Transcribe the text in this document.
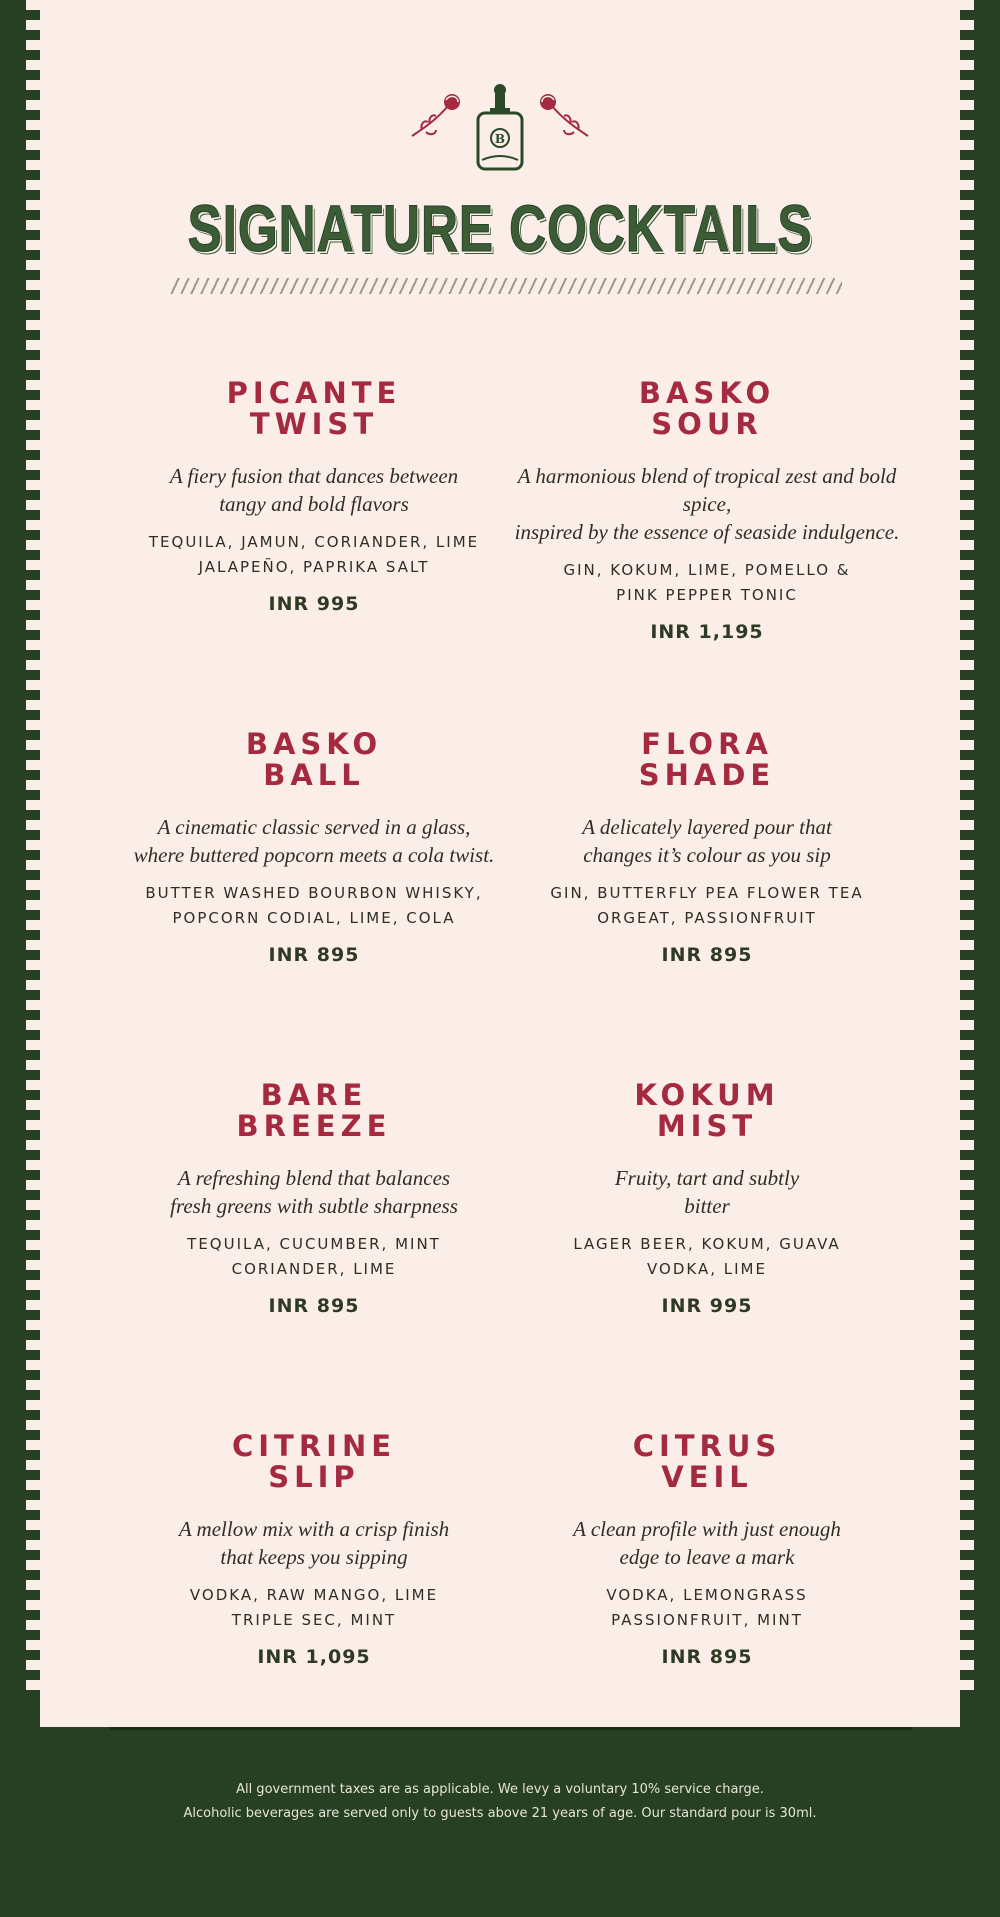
B
SIGNATURE COCKTAILS
PICANTE
TWIST
A fiery fusion that dances between
tangy and bold flavors
TEQUILA, JAMUN, CORIANDER, LIME
JALAPEÑO, PAPRIKA SALT
INR 995
BASKO
SOUR
A harmonious blend of tropical zest and bold spice,
inspired by the essence of seaside indulgence.
GIN, KOKUM, LIME, POMELLO &
PINK PEPPER TONIC
INR 1,195
BASKO
BALL
A cinematic classic served in a glass,
where buttered popcorn meets a cola twist.
BUTTER WASHED BOURBON WHISKY,
POPCORN CODIAL, LIME, COLA
INR 895
FLORA
SHADE
A delicately layered pour that
changes it’s colour as you sip
GIN, BUTTERFLY PEA FLOWER TEA
ORGEAT, PASSIONFRUIT
INR 895
BARE
BREEZE
A refreshing blend that balances
fresh greens with subtle sharpness
TEQUILA, CUCUMBER, MINT
CORIANDER, LIME
INR 895
KOKUM
MIST
Fruity, tart and subtly
bitter
LAGER BEER, KOKUM, GUAVA
VODKA, LIME
INR 995
CITRINE
SLIP
A mellow mix with a crisp finish
that keeps you sipping
VODKA, RAW MANGO, LIME
TRIPLE SEC, MINT
INR 1,095
CITRUS
VEIL
A clean profile with just enough
edge to leave a mark
VODKA, LEMONGRASS
PASSIONFRUIT, MINT
INR 895
All government taxes are as applicable. We levy a voluntary 10% service charge.
Alcoholic beverages are served only to guests above 21 years of age. Our standard pour is 30ml.
